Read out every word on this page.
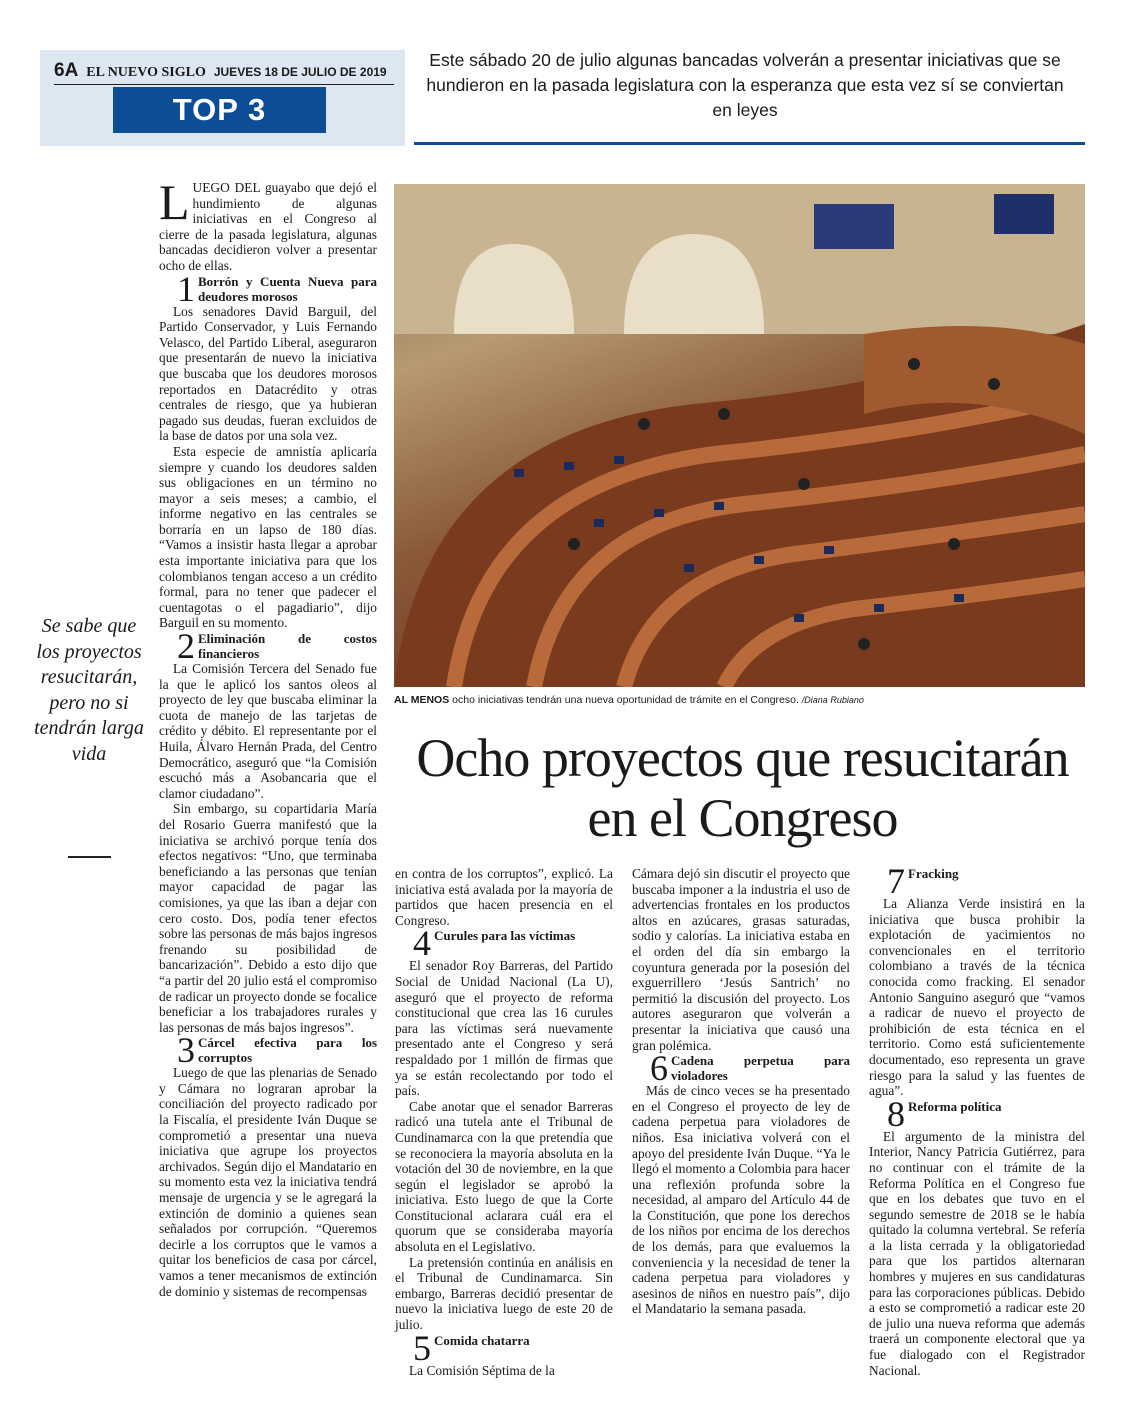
6A EL NUEVO SIGLO JUEVES 18 DE JULIO DE 2019
TOP 3
Este sábado 20 de julio algunas bancadas volverán a presentar iniciativas que se hundieron en la pasada legislatura con la esperanza que esta vez sí se conviertan en leyes
AL MENOS ocho iniciativas tendrán una nueva oportunidad de trámite en el Congreso. /Diana Rubiano
Ocho proyectos que resucitarán en el Congreso
Se sabe que los proyectos resucitarán, pero no si tendrán larga vida

LUEGO DEL guayabo que dejó el hundimiento de algunas iniciativas en el Congreso al cierre de la pasada legislatura, algunas bancadas decidieron volver a presentar ocho de ellas.

1 Borrón y Cuenta Nueva para deudores morosos

Los senadores David Barguil, del Partido Conservador, y Luis Fernando Velasco, del Partido Liberal, aseguraron que presentarán de nuevo la iniciativa que buscaba que los deudores morosos reportados en Datacrédito y otras centrales de riesgo, que ya hubieran pagado sus deudas, fueran excluidos de la base de datos por una sola vez.

Esta especie de amnistía aplicaría siempre y cuando los deudores salden sus obligaciones en un término no mayor a seis meses; a cambio, el informe negativo en las centrales se borraría en un lapso de 180 días. “Vamos a insistir hasta llegar a aprobar esta importante iniciativa para que los colombianos tengan acceso a un crédito formal, para no tener que padecer el cuentagotas o el pagadiario”, dijo Barguil en su momento.

2 Eliminación de costos financieros

La Comisión Tercera del Senado fue la que le aplicó los santos oleos al proyecto de ley que buscaba eliminar la cuota de manejo de las tarjetas de crédito y débito. El representante por el Huila, Álvaro Hernán Prada, del Centro Democrático, aseguró que “la Comisión escuchó más a Asobancaria que el clamor ciudadano”.

Sin embargo, su copartidaria María del Rosario Guerra manifestó que la iniciativa se archivó porque tenía dos efectos negativos: “Uno, que terminaba beneficiando a las personas que tenían mayor capacidad de pagar las comisiones, ya que las iban a dejar con cero costo. Dos, podía tener efectos sobre las personas de más bajos ingresos frenando su posibilidad de bancarización”. Debido a esto dijo que “a partir del 20 julio está el compromiso de radicar un proyecto donde se focalice beneficiar a los trabajadores rurales y las personas de más bajos ingresos”.

3 Cárcel efectiva para los corruptos

Luego de que las plenarias de Senado y Cámara no lograran aprobar la conciliación del proyecto radicado por la Fiscalía, el presidente Iván Duque se comprometió a presentar una nueva iniciativa que agrupe los proyectos archivados. Según dijo el Mandatario en su momento esta vez la iniciativa tendrá mensaje de urgencia y se le agregará la extinción de dominio a quienes sean señalados por corrupción. “Queremos decirle a los corruptos que le vamos a quitar los beneficios de casa por cárcel, vamos a tener mecanismos de extinción de dominio y sistemas de recompensas

en contra de los corruptos”, explicó. La iniciativa está avalada por la mayoría de partidos que hacen presencia en el Congreso.

4 Curules para las víctimas

El senador Roy Barreras, del Partido Social de Unidad Nacional (La U), aseguró que el proyecto de reforma constitucional que crea las 16 curules para las víctimas será nuevamente presentado ante el Congreso y será respaldado por 1 millón de firmas que ya se están recolectando por todo el país.

Cabe anotar que el senador Barreras radicó una tutela ante el Tribunal de Cundinamarca con la que pretendía que se reconociera la mayoría absoluta en la votación del 30 de noviembre, en la que según el legislador se aprobó la iniciativa. Esto luego de que la Corte Constitucional aclarara cuál era el quorum que se consideraba mayoría absoluta en el Legislativo.

La pretensión continúa en análisis en el Tribunal de Cundinamarca. Sin embargo, Barreras decidió presentar de nuevo la iniciativa luego de este 20 de julio.

5 Comida chatarra

La Comisión Séptima de la

Cámara dejó sin discutir el proyecto que buscaba imponer a la industria el uso de advertencias frontales en los productos altos en azúcares, grasas saturadas, sodio y calorías. La iniciativa estaba en el orden del día sin embargo la coyuntura generada por la posesión del exguerrillero ‘Jesús Santrich’ no permitió la discusión del proyecto. Los autores aseguraron que volverán a presentar la iniciativa que causó una gran polémica.

6 Cadena perpetua para violadores

Más de cinco veces se ha presentado en el Congreso el proyecto de ley de cadena perpetua para violadores de niños. Esa iniciativa volverá con el apoyo del presidente Iván Duque. “Ya le llegó el momento a Colombia para hacer una reflexión profunda sobre la necesidad, al amparo del Artículo 44 de la Constitución, que pone los derechos de los niños por encima de los derechos de los demás, para que evaluemos la conveniencia y la necesidad de tener la cadena perpetua para violadores y asesinos de niños en nuestro país”, dijo el Mandatario la semana pasada.

7 Fracking

La Alianza Verde insistirá en la iniciativa que busca prohibir la explotación de yacimientos no convencionales en el territorio colombiano a través de la técnica conocida como fracking. El senador Antonio Sanguino aseguró que “vamos a radicar de nuevo el proyecto de prohibición de esta técnica en el territorio. Como está suficientemente documentado, eso representa un grave riesgo para la salud y las fuentes de agua”.

8 Reforma política

El argumento de la ministra del Interior, Nancy Patricia Gutiérrez, para no continuar con el trámite de la Reforma Política en el Congreso fue que en los debates que tuvo en el segundo semestre de 2018 se le había quitado la columna vertebral. Se refería a la lista cerrada y la obligatoriedad para que los partidos alternaran hombres y mujeres en sus candidaturas para las corporaciones públicas. Debido a esto se comprometió a radicar este 20 de julio una nueva reforma que además traerá un componente electoral que ya fue dialogado con el Registrador Nacional.
